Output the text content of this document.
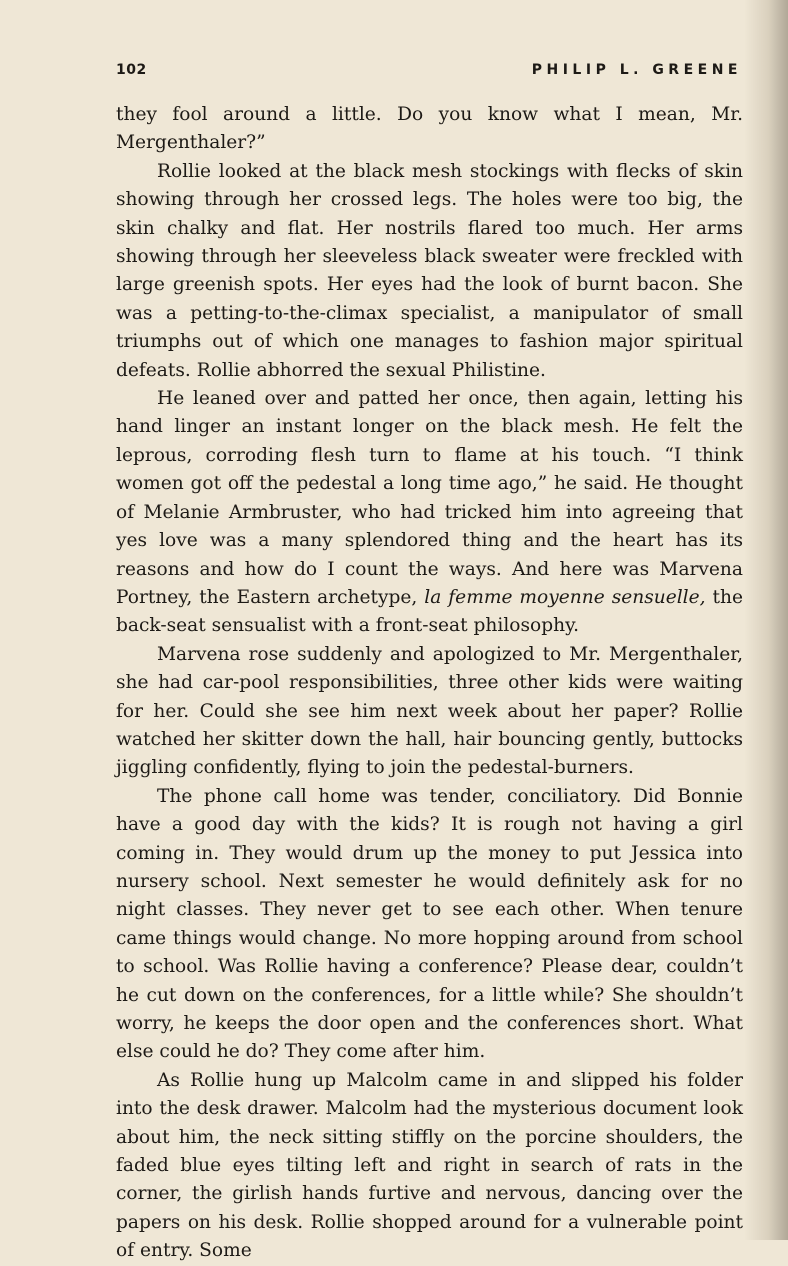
102	PHILIP L. GREENE

they fool around a little. Do you know what I mean, Mr. Mergenthaler?”

Rollie looked at the black mesh stockings with flecks of skin showing through her crossed legs. The holes were too big, the skin chalky and flat. Her nostrils flared too much. Her arms showing through her sleeveless black sweater were freckled with large greenish spots. Her eyes had the look of burnt bacon. She was a petting-to-the-climax specialist, a manipulator of small triumphs out of which one manages to fashion major spiritual defeats. Rollie abhorred the sexual Philistine.

He leaned over and patted her once, then again, letting his hand linger an instant longer on the black mesh. He felt the leprous, corroding flesh turn to flame at his touch. “I think women got off the pedestal a long time ago,” he said. He thought of Melanie Armbruster, who had tricked him into agreeing that yes love was a many splendored thing and the heart has its reasons and how do I count the ways. And here was Marvena Portney, the Eastern archetype, la femme moyenne sensuelle, the back-seat sensualist with a front-seat philosophy.

Marvena rose suddenly and apologized to Mr. Mergenthaler, she had car-pool responsibilities, three other kids were waiting for her. Could she see him next week about her paper? Rollie watched her skitter down the hall, hair bouncing gently, buttocks jiggling confidently, flying to join the pedestal-burners.

The phone call home was tender, conciliatory. Did Bonnie have a good day with the kids? It is rough not having a girl coming in. They would drum up the money to put Jessica into nursery school. Next semester he would definitely ask for no night classes. They never get to see each other. When tenure came things would change. No more hopping around from school to school. Was Rollie having a conference? Please dear, couldn’t he cut down on the conferences, for a little while? She shouldn’t worry, he keeps the door open and the conferences short. What else could he do? They come after him.

As Rollie hung up Malcolm came in and slipped his folder into the desk drawer. Malcolm had the mysterious document look about him, the neck sitting stiffly on the porcine shoulders, the faded blue eyes tilting left and right in search of rats in the corner, the girlish hands furtive and nervous, dancing over the papers on his desk. Rollie shopped around for a vulnerable point of entry. Some
